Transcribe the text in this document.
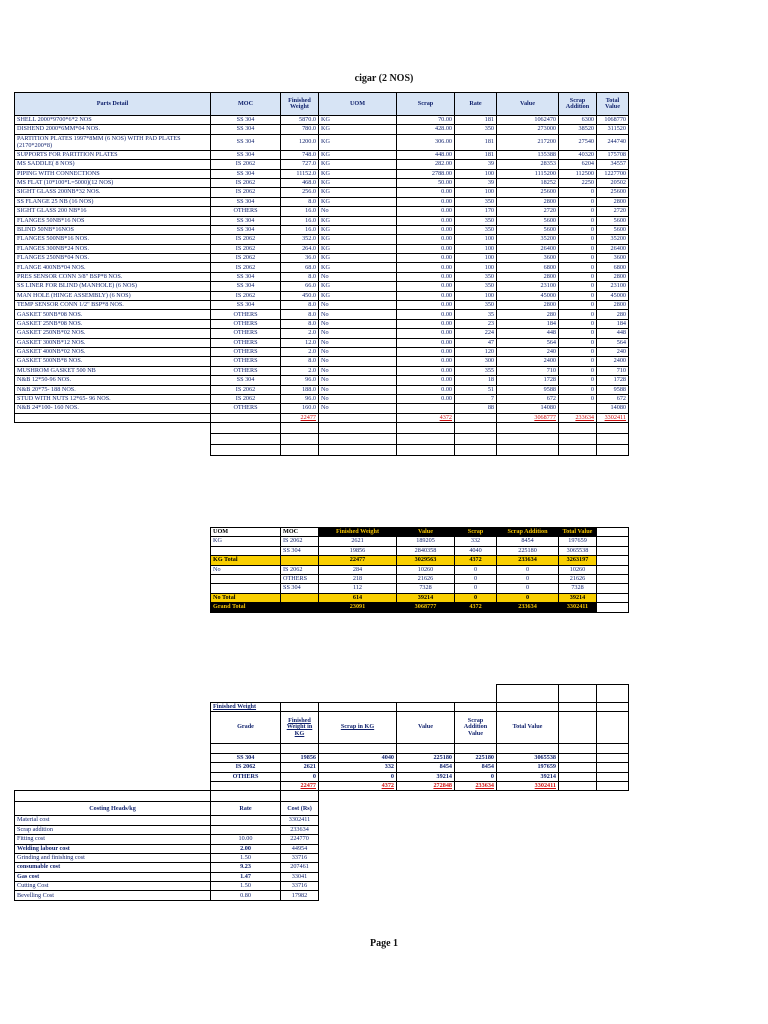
cigar (2 NOS)
Parts Detail	MOC	Finished Weight	UOM	Scrap	Rate	Value	Scrap Addition	Total Value
SHELL 2000*9700*6*2 NOS	SS 304	5870.0	KG	70.00	181	1062470	6300	1068770
DISHEND 2000*6MM*04 NOS.	SS 304	780.0	KG	428.00	350	273000	38520	311520
PARTITION PLATES 1997*8MM (6 NOS) WITH PAD PLATES (2170*200*8)	SS 304	1200.0	KG	306.00	181	217200	27540	244740
SUPPORTS FOR PARTITION PLATES	SS 304	748.0	KG	448.00	181	135388	40320	175708
MS SADDLE( 8 NOS)	IS 2062	727.0	KG	282.00	39	28353	6204	34557
PIPING WITH CONNECTIONS	SS 304	11152.0	KG	2788.00	100	1115200	112500	1227700
MS FLAT (10*100*L=5000)(12 NOS)	IS 2062	468.0	KG	50.00	39	18252	2250	20502
SIGHT GLASS 200NB*32 NOS.	IS 2062	256.0	KG	0.00	100	25600	0	25600
SS FLANGE 25 NB (16 NOS)	SS 304	8.0	KG	0.00	350	2800	0	2800
SIGHT GLASS 200 NB*16	OTHERS	16.0	No	0.00	170	2720	0	2720
FLANGES 50NB*16 NOS	SS 304	16.0	KG	0.00	350	5600	0	5600
BLIND 50NB*16NOS	SS 304	16.0	KG	0.00	350	5600	0	5600
FLANGES 500NB*16 NOS.	IS 2062	352.0	KG	0.00	100	35200	0	35200
FLANGES 300NB*24 NOS.	IS 2062	264.0	KG	0.00	100	26400	0	26400
FLANGES 250NB*04 NOS.	IS 2062	36.0	KG	0.00	100	3600	0	3600
FLANGE 400NB*04 NOS.	IS 2062	68.0	KG	0.00	100	6800	0	6800
PRES SENSOR CONN 3/8" BSP*8 NOS.	SS 304	8.0	No	0.00	350	2800	0	2800
SS LINER FOR BLIND (MANHOLE) (6 NOS)	SS 304	66.0	KG	0.00	350	23100	0	23100
MAN HOLE (HINGE ASSEMBLY) (6 NOS)	IS 2062	450.0	KG	0.00	100	45000	0	45000
TEMP SENSOR CONN 1/2" BSP*8 NOS.	SS 304	8.0	No	0.00	350	2800	0	2800
GASKET 50NB*08 NOS.	OTHERS	8.0	No	0.00	35	280	0	280
GASKET 25NB*08 NOS.	OTHERS	8.0	No	0.00	23	184	0	184
GASKET 250NB*02 NOS.	OTHERS	2.0	No	0.00	224	448	0	448
GASKET 300NB*12 NOS.	OTHERS	12.0	No	0.00	47	564	0	564
GASKET 400NB*02 NOS.	OTHERS	2.0	No	0.00	120	240	0	240
GASKET 500NB*8 NOS.	OTHERS	8.0	No	0.00	300	2400	0	2400
MUSHROM GASKET 500 NB	OTHERS	2.0	No	0.00	355	710	0	710
N&B 12*50-96 NOS.	SS 304	96.0	No	0.00	18	1728	0	1728
N&B 20*75- 188 NOS.	IS 2062	188.0	No	0.00	51	9588	0	9588
STUD WITH NUTS 12*65- 96 NOS.	IS 2062	96.0	No	0.00	7	672	0	672
N&B 24*100- 160 NOS.	OTHERS	160.0	No		88	14080		14080
		22477		4372		3068777	233634	3302411

UOM	MOC	Finished Weight	Value	Scrap	Scrap Addition	Total Value	
KG	IS 2062	2621	189205	332	8454	197659	
	SS 304	19856	2840358	4040	225180	3065538	
KG Total		22477	3029563	4372	233634	3263197	
No	IS 2062	284	10260	0	0	10260	
	OTHERS	218	21626	0	0	21626	
	SS 304	112	7328	0	0	7328	
No Total		614	39214	0	0	39214	
Grand Total		23091	3068777	4372	233634	3302411	

	Finished Weight							
	Grade	Finished Weight in KG	Scrap in KG	Value	Scrap Addition Value	Total Value		

	SS 304	19856	4040	225180	225180	3065538		
	IS 2062	2621	332	8454	8454	197659		
	OTHERS	0	0	39214	0	39214		
		22477	4372	272848	233634	3302411		

Costing Heads/kg	Rate	Cost (Rs)						
Material cost		3302411						
Scrap addition		233634						
Fitting cost	10.00	224770						
Welding labour cost	2.00	44954						
Grinding and finishing cost	1.50	33716						
consumable cost	9.23	207461						
Gas cost	1.47	33041						
Cutting Cost	1.50	33716						
Bevelling Cost	0.80	17982						
Page 1
